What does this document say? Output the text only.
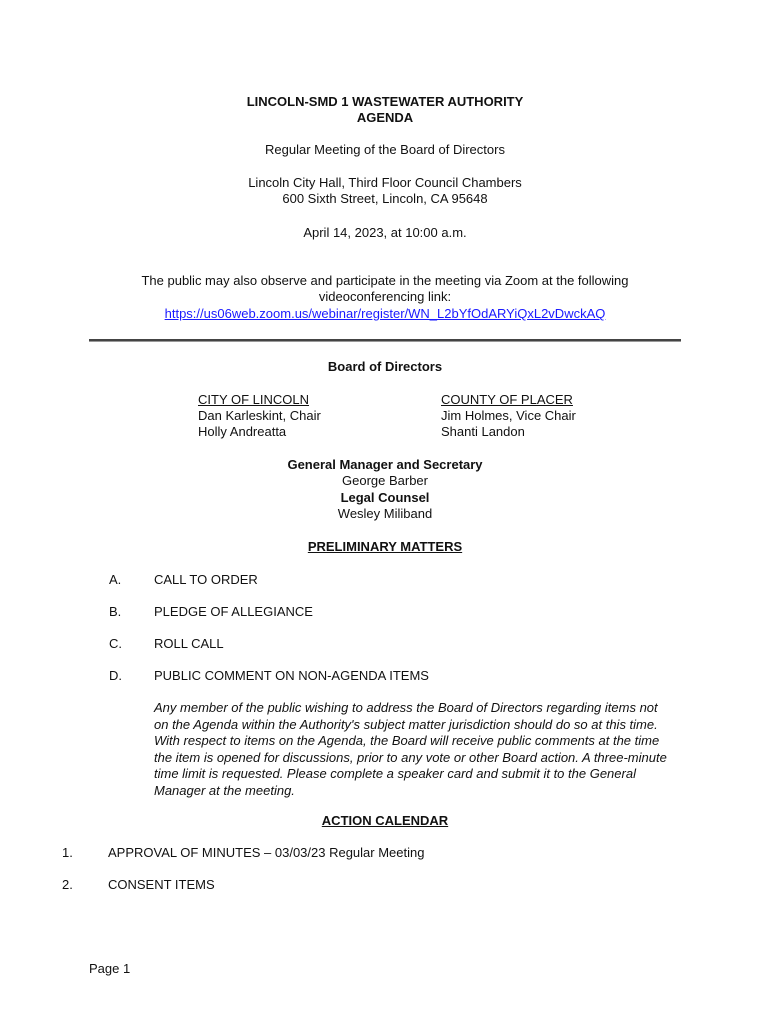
LINCOLN-SMD 1 WASTEWATER AUTHORITY
AGENDA
Regular Meeting of the Board of Directors
Lincoln City Hall, Third Floor Council Chambers
600 Sixth Street, Lincoln, CA 95648
April 14, 2023, at 10:00 a.m.
The public may also observe and participate in the meeting via Zoom at the following
videoconferencing link:
https://us06web.zoom.us/webinar/register/WN_L2bYfOdARYiQxL2vDwckAQ
Board of Directors
CITY OF LINCOLN
Dan Karleskint, Chair
Holly Andreatta
COUNTY OF PLACER
Jim Holmes, Vice Chair
Shanti Landon
General Manager and Secretary
George Barber
Legal Counsel
Wesley Miliband
PRELIMINARY MATTERS
A.	CALL TO ORDER
B.	PLEDGE OF ALLEGIANCE
C. ROLL CALL
D. PUBLIC COMMENT ON NON-AGENDA ITEMS
Any member of the public wishing to address the Board of Directors regarding items not
on the Agenda within the Authority's subject matter jurisdiction should do so at this time.
With respect to items on the Agenda, the Board will receive public comments at the time
the item is opened for discussions, prior to any vote or other Board action. A three-minute
time limit is requested. Please complete a speaker card and submit it to the General
Manager at the meeting.
ACTION CALENDAR
1.	APPROVAL OF MINUTES – 03/03/23 Regular Meeting
2.	CONSENT ITEMS
Page 1
